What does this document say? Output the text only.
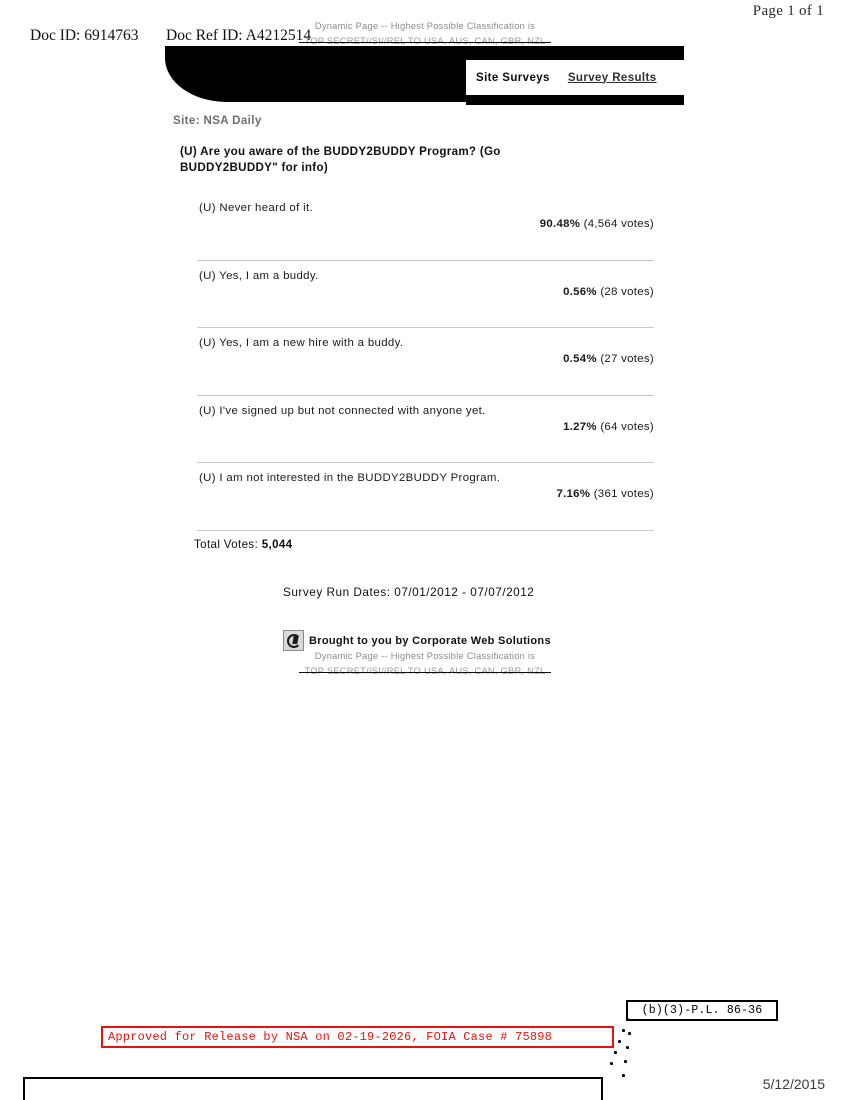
Page 1 of 1
Doc ID: 6914763 Doc Ref ID: A4212514
Dynamic Page -- Highest Possible Classification is
TOP SECRET//SI//REL TO USA, AUS, CAN, GBR, NZL
Site Surveys Survey Results
Site: NSA Daily
(U) Are you aware of the BUDDY2BUDDY Program? (Go BUDDY2BUDDY" for info)
(U) Never heard of it.
90.48% (4,564 votes)
(U) Yes, I am a buddy.
0.56% (28 votes)
(U) Yes, I am a new hire with a buddy.
0.54% (27 votes)
(U) I've signed up but not connected with anyone yet.
1.27% (64 votes)
(U) I am not interested in the BUDDY2BUDDY Program.
7.16% (361 votes)
Total Votes: 5,044
Survey Run Dates: 07/01/2012 - 07/07/2012
Brought to you by Corporate Web Solutions
Dynamic Page -- Highest Possible Classification is
TOP SECRET//SI//REL TO USA, AUS, CAN, GBR, NZL
(b)(3)-P.L. 86-36
Approved for Release by NSA on 02-19-2026, FOIA Case # 75898
5/12/2015
